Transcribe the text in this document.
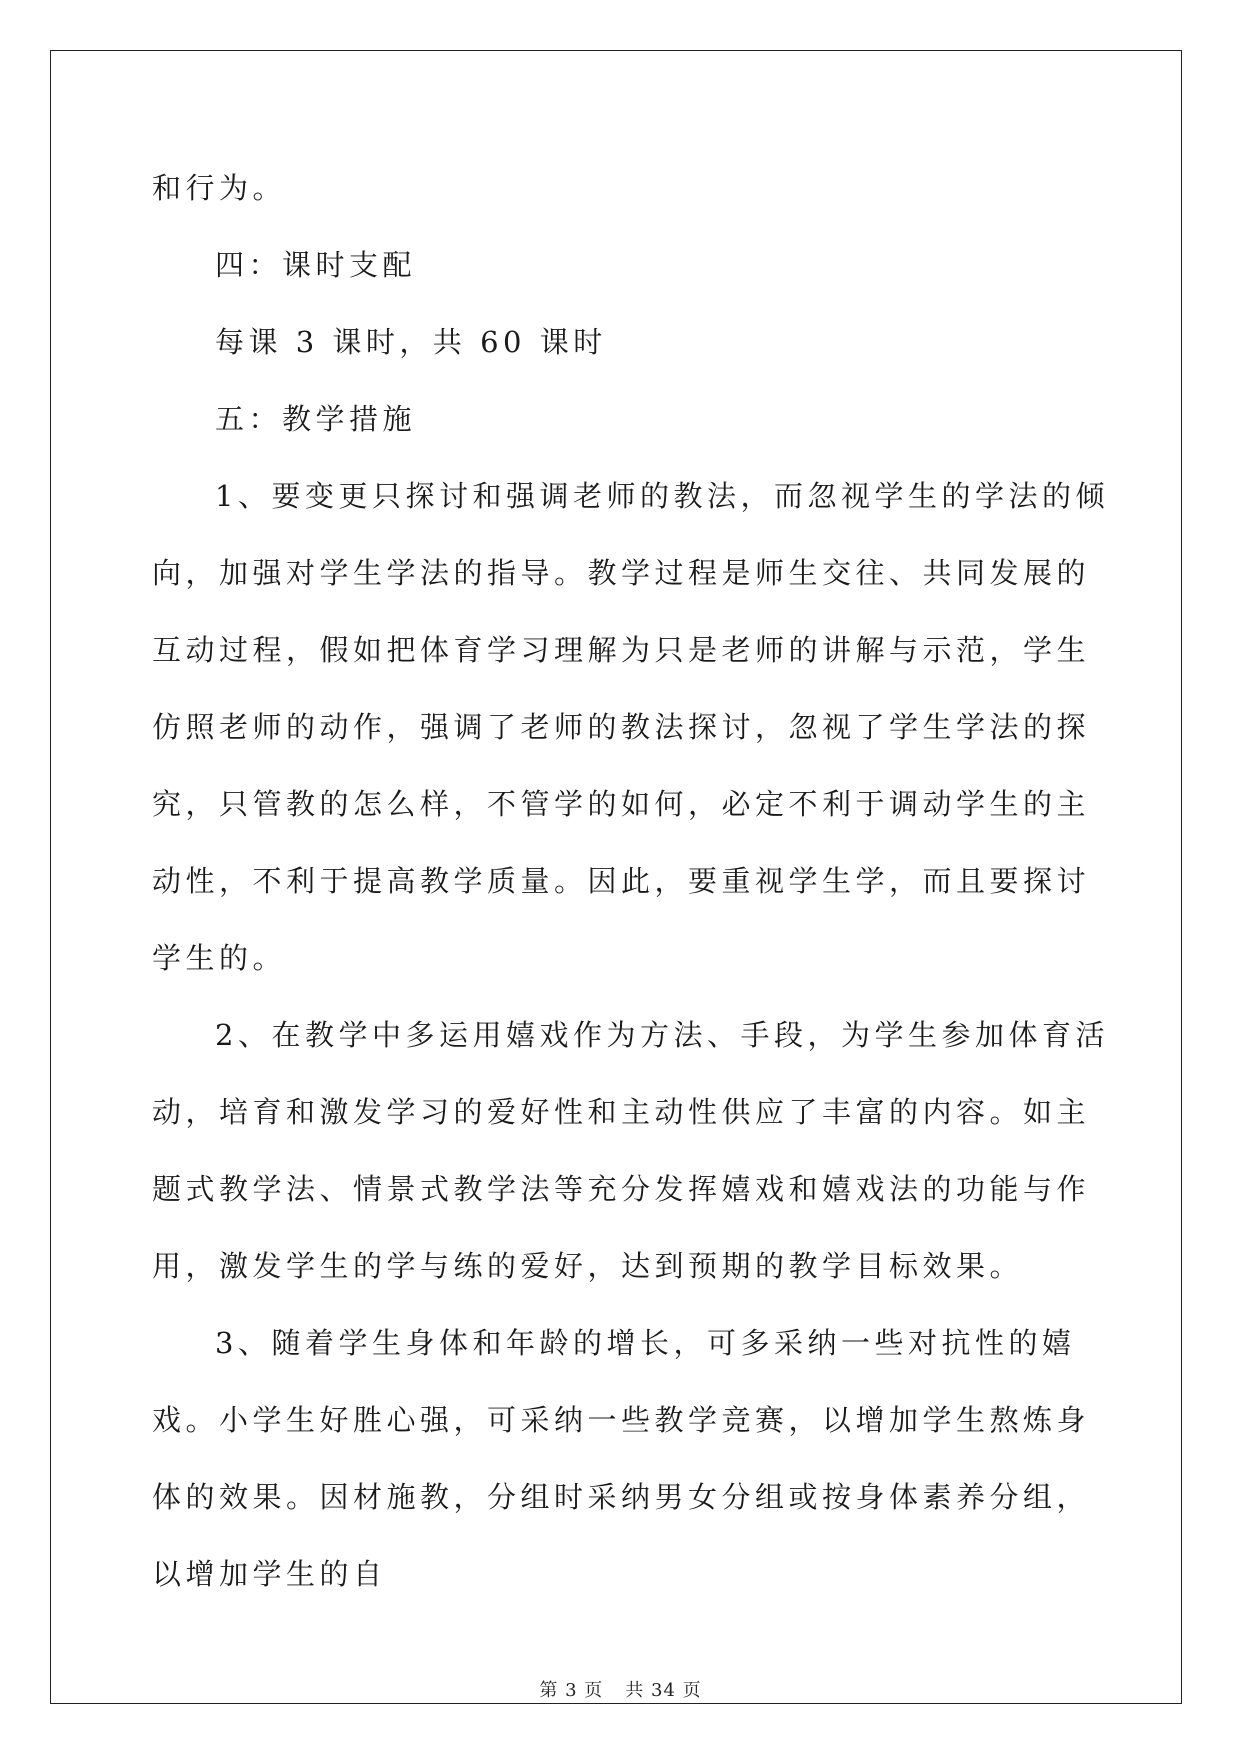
和行为。

四：课时支配

每课 3 课时，共 60 课时

五：教学措施

1、要变更只探讨和强调老师的教法，而忽视学生的学法的倾向，加强对学生学法的指导。教学过程是师生交往、共同发展的互动过程，假如把体育学习理解为只是老师的讲解与示范，学生仿照老师的动作，强调了老师的教法探讨，忽视了学生学法的探究，只管教的怎么样，不管学的如何，必定不利于调动学生的主动性，不利于提高教学质量。因此，要重视学生学，而且要探讨学生的。

2、在教学中多运用嬉戏作为方法、手段，为学生参加体育活动，培育和激发学习的爱好性和主动性供应了丰富的内容。如主题式教学法、情景式教学法等充分发挥嬉戏和嬉戏法的功能与作用，激发学生的学与练的爱好，达到预期的教学目标效果。

3、随着学生身体和年龄的增长，可多采纳一些对抗性的嬉戏。小学生好胜心强，可采纳一些教学竞赛，以增加学生熬炼身体的效果。因材施教，分组时采纳男女分组或按身体素养分组，以增加学生的自

第 3 页 共 34 页
